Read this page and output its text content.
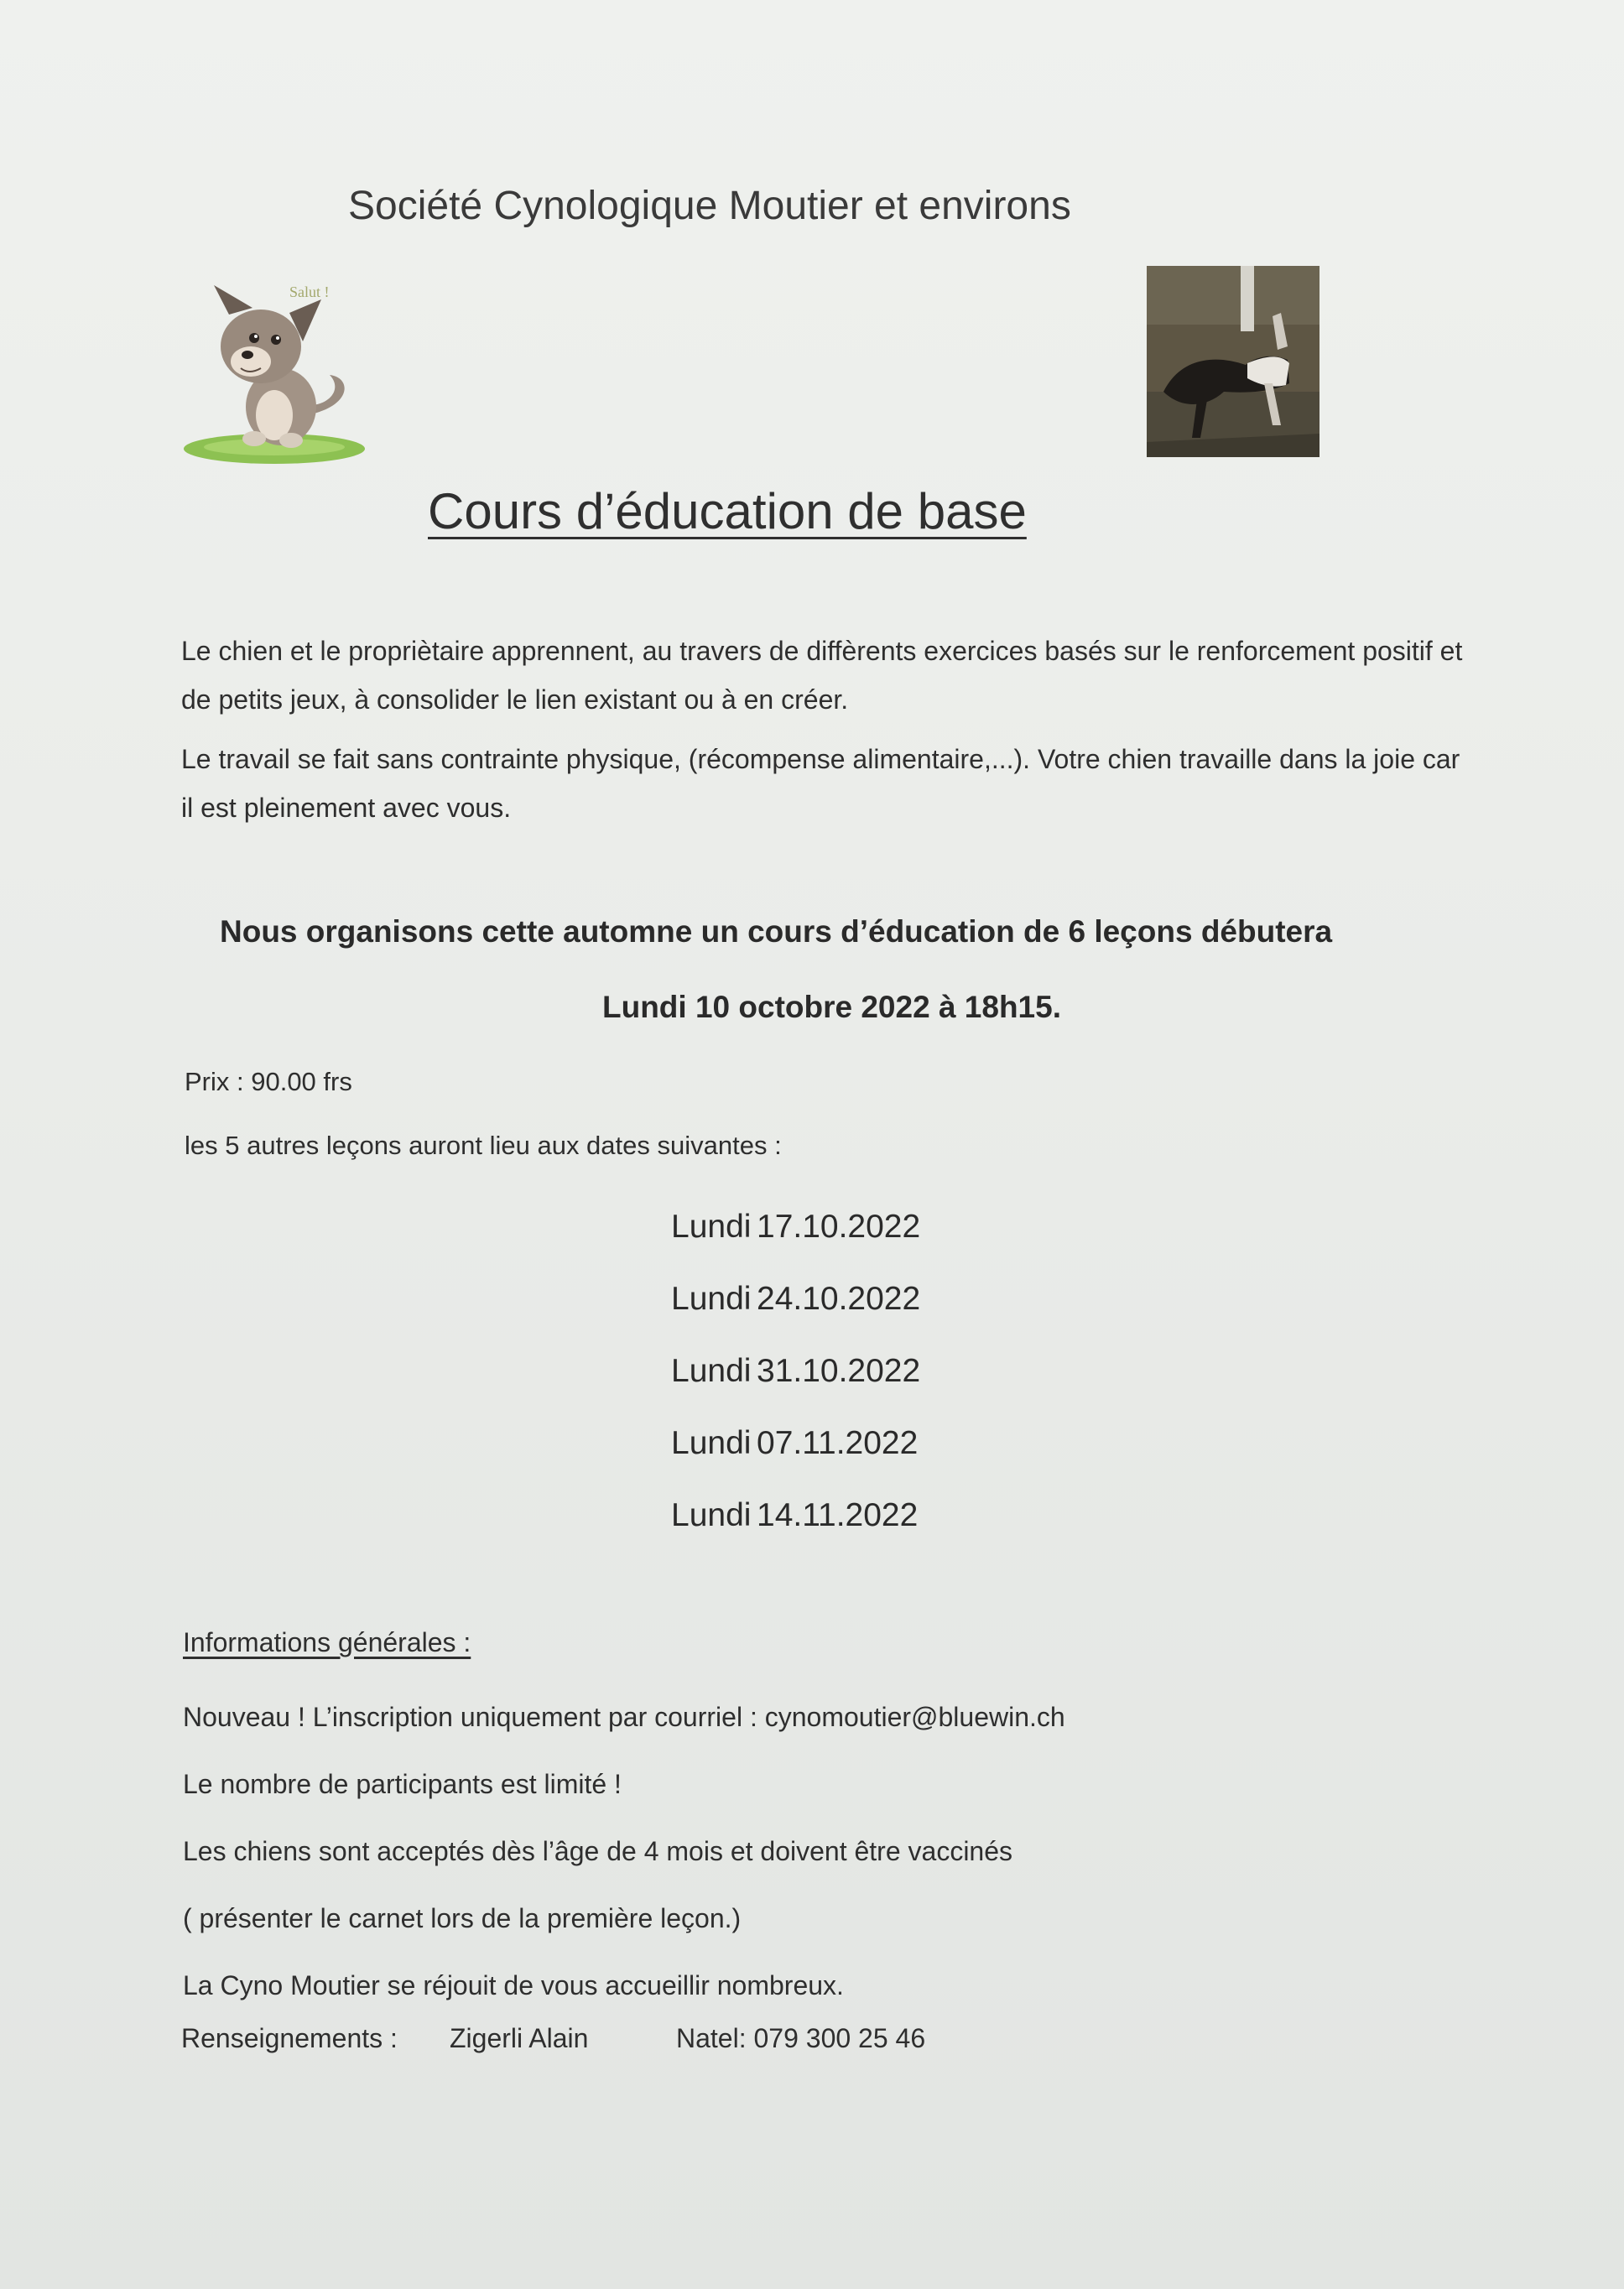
Société Cynologique Moutier et environs
Salut !
Cours d’éducation de base
Le chien et le propriètaire apprennent, au travers de diffèrents exercices basés sur le renforcement positif et de petits jeux, à consolider le lien existant ou à en créer.
Le travail se fait sans contrainte physique, (récompense alimentaire,...). Votre chien travaille dans la joie car il est pleinement avec vous.
Nous organisons cette automne un cours d’éducation de 6 leçons débutera
Lundi 10 octobre 2022 à 18h15.
Prix : 90.00 frs
les 5 autres leçons auront lieu aux dates suivantes :
Lundi 17.10.2022
Lundi 24.10.2022
Lundi 31.10.2022
Lundi 07.11.2022
Lundi 14.11.2022
Informations générales :
Nouveau ! L’inscription uniquement par courriel : cynomoutier@bluewin.ch
Le nombre de participants est limité !
Les chiens sont acceptés dès l’âge de 4 mois et doivent être vaccinés
( présenter le carnet lors de la première leçon.)
La Cyno Moutier se réjouit de vous accueillir nombreux.
Renseignements : Zigerli Alain	Natel: 079 300 25 46
